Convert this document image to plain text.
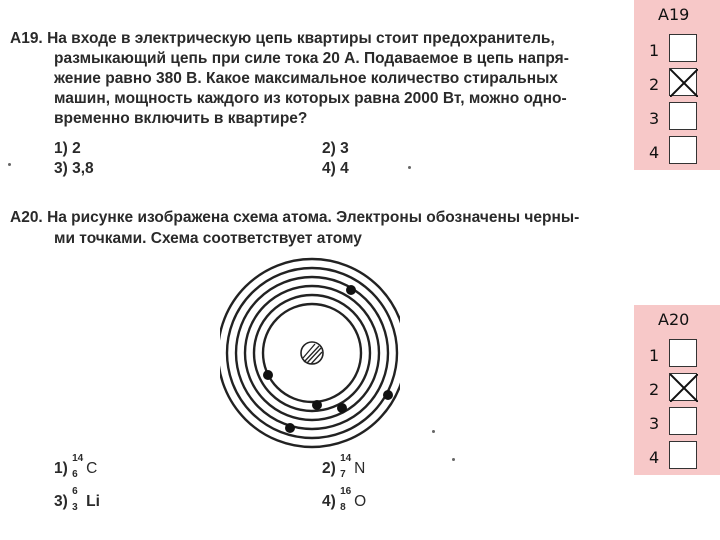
A19. На входе в электрическую цепь квартиры стоит предохранитель,
размыкающий цепь при силе тока 20 А. Подаваемое в цепь напря-
жение равно 380 В. Какое максимальное количество стиральных
машин, мощность каждого из которых равна 2000 Вт, можно одно-
временно включить в квартире?
1) 2	2) 3
3) 3,8	4) 4
A20. На рисунке изображена схема атома. Электроны обозначены черны-
ми точками. Схема соответствует атому
1)
14
6 C	2)
14
7 N
3)
6
3 Li	4)
16
8 O
A19
1
2
3
4
A20
1
2
3
4
